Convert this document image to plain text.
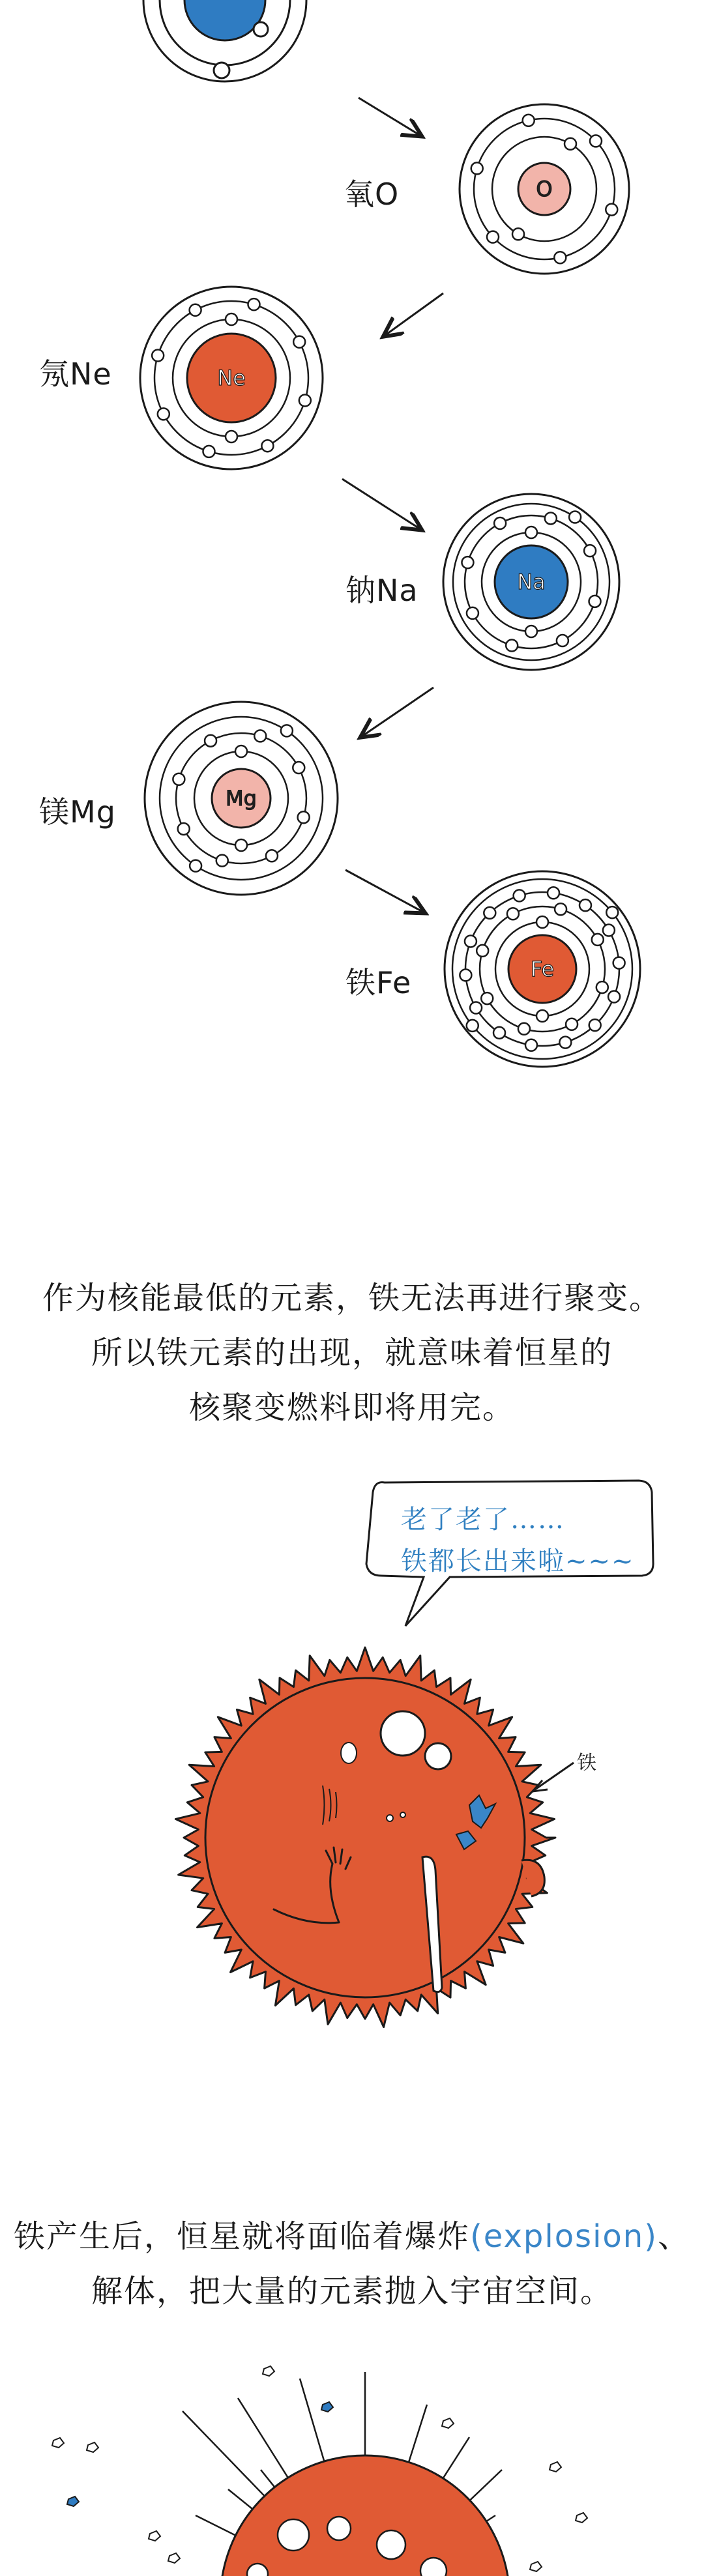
O
Ne
Na
Mg
Fe
氧O
氖Ne
钠Na
镁Mg
铁Fe
作为核能最低的元素，铁无法再进行聚变。
所以铁元素的出现，就意味着恒星的
核聚变燃料即将用完。
老了老了……
铁都长出来啦~~~
铁
铁产生后，恒星就将面临着爆炸(explosion)、
解体，把大量的元素抛入宇宙空间。
